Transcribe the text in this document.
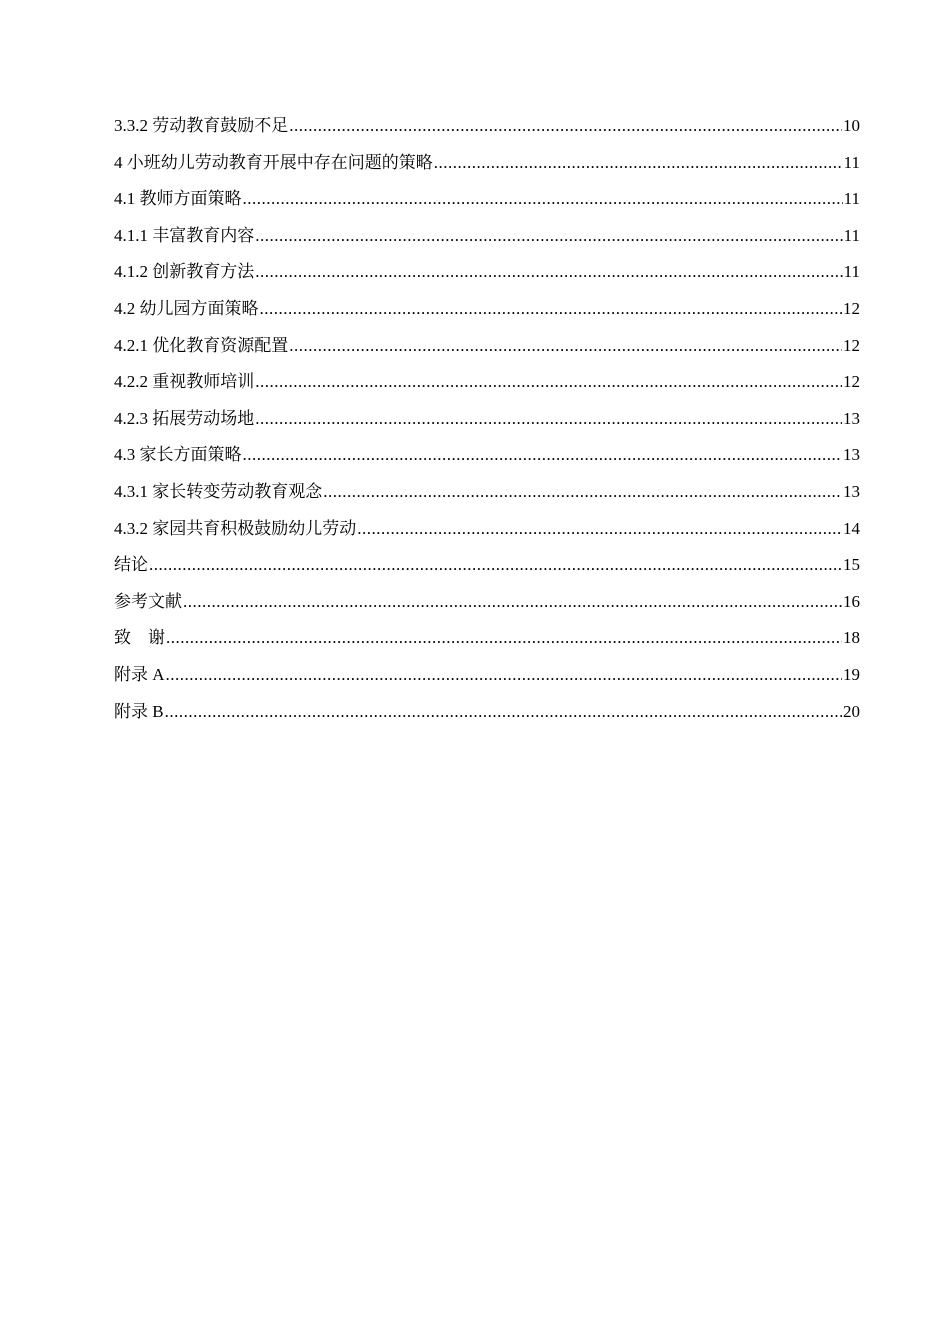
3.3.2 劳动教育鼓励不足 .....	10
4 小班幼儿劳动教育开展中存在问题的策略 .....	11
4.1 教师方面策略 .....	11
4.1.1 丰富教育内容 .....	11
4.1.2 创新教育方法 .....	11
4.2 幼儿园方面策略 .....	12
4.2.1 优化教育资源配置 .....	12
4.2.2 重视教师培训 .....	12
4.2.3 拓展劳动场地 .....	13
4.3 家长方面策略 .....	13
4.3.1 家长转变劳动教育观念 .....	13
4.3.2 家园共育积极鼓励幼儿劳动 .....	14
结论 .....	15
参考文献 .....	16
致　谢 .....	18
附录 A .....	19
附录 B .....	20
